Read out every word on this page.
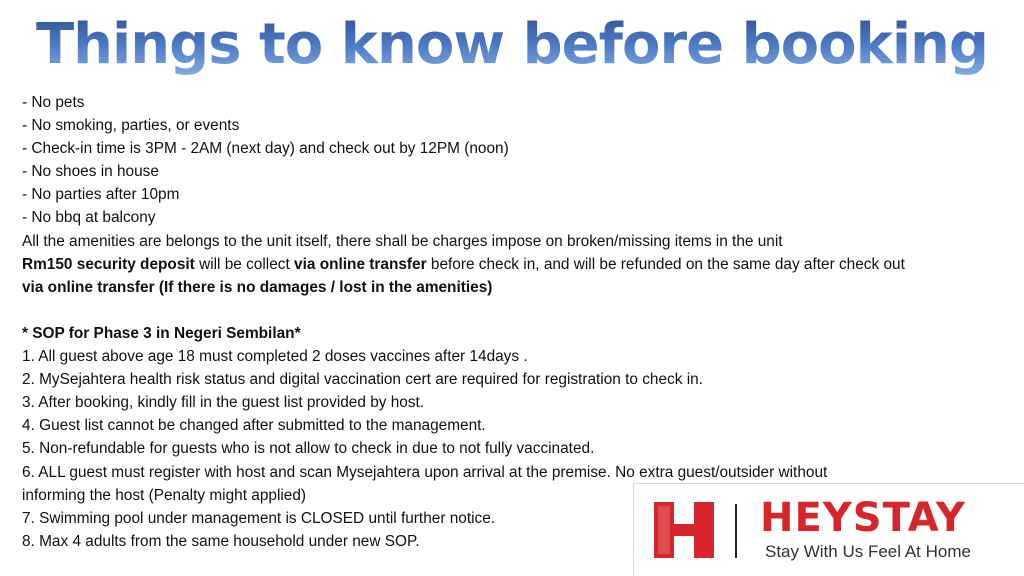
Things to know before booking
- No pets
- No smoking, parties, or events
- Check-in time is 3PM - 2AM (next day) and check out by 12PM (noon)
- No shoes in house
- No parties after 10pm
- No bbq at balcony
All the amenities are belongs to the unit itself, there shall be charges impose on broken/missing items in the unit
Rm150 security deposit will be collect via online transfer before check in, and will be refunded on the same day after check out
via online transfer (If there is no damages / lost in the amenities)
* SOP for Phase 3 in Negeri Sembilan*
1. All guest above age 18 must completed 2 doses vaccines after 14days .
2. MySejahtera health risk status and digital vaccination cert are required for registration to check in.
3. After booking, kindly fill in the guest list provided by host.
4. Guest list cannot be changed after submitted to the management.
5. Non-refundable for guests who is not allow to check in due to not fully vaccinated.
6. ALL guest must register with host and scan Mysejahtera upon arrival at the premise. No extra guest/outsider without
informing the host (Penalty might applied)
7. Swimming pool under management is CLOSED until further notice.
8. Max 4 adults from the same household under new SOP.
HEYSTAY
Stay With Us Feel At Home
